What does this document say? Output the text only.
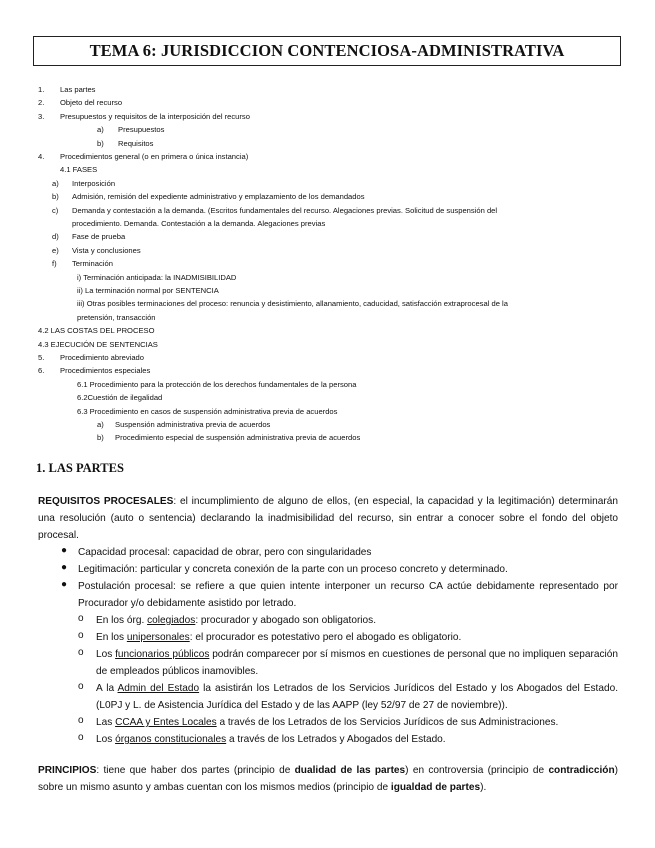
TEMA 6: JURISDICCION CONTENCIOSA-ADMINISTRATIVA
1. Las partes
2. Objeto del recurso
3. Presupuestos y requisitos de la interposición del recurso
a) Presupuestos
b) Requisitos
4. Procedimientos general (o en primera o única instancia)
4.1 FASES
a) Interposición
b) Admisión, remisión del expediente administrativo y emplazamiento de los demandados
c) Demanda y contestación a la demanda. (Escritos fundamentales del recurso. Alegaciones previas. Solicitud de suspensión del
procedimiento. Demanda. Contestación a la demanda. Alegaciones previas
d) Fase de prueba
e) Vista y conclusiones
f) Terminación
i) Terminación anticipada: la INADMISIBILIDAD
ii) La terminación normal por SENTENCIA
iii) Otras posibles terminaciones del proceso: renuncia y desistimiento, allanamiento, caducidad, satisfacción extraprocesal de la
pretensión, transacción
4.2 LAS COSTAS DEL PROCESO
4.3 EJECUCIÓN DE SENTENCIAS
5. Procedimiento abreviado
6. Procedimientos especiales
6.1 Procedimiento para la protección de los derechos fundamentales de la persona
6.2Cuestión de ilegalidad
6.3 Procedimiento en casos de suspensión administrativa previa de acuerdos
a) Suspensión administrativa previa de acuerdos
b) Procedimiento especial de suspensión administrativa previa de acuerdos
1. LAS PARTES
REQUISITOS PROCESALES: el incumplimiento de alguno de ellos, (en especial, la capacidad y la legitimación) determinarán una resolución (auto o sentencia) declarando la inadmisibilidad del recurso, sin entrar a conocer sobre el fondo del objeto procesal.
● Capacidad procesal: capacidad de obrar, pero con singularidades
● Legitimación: particular y concreta conexión de la parte con un proceso concreto y determinado.
● Postulación procesal: se refiere a que quien intente interponer un recurso CA actúe debidamente representado por Procurador y/o debidamente asistido por letrado.
o En los órg. colegiados: procurador y abogado son obligatorios.
o En los unipersonales: el procurador es potestativo pero el abogado es obligatorio.
o Los funcionarios públicos podrán comparecer por sí mismos en cuestiones de personal que no impliquen separación de empleados públicos inamovibles.
o A la Admin del Estado la asistirán los Letrados de los Servicios Jurídicos del Estado y los Abogados del Estado. (L0PJ y L. de Asistencia Jurídica del Estado y de las AAPP (ley 52/97 de 27 de noviembre)).
o Las CCAA y Entes Locales a través de los Letrados de los Servicios Jurídicos de sus Administraciones.
o Los órganos constitucionales a través de los Letrados y Abogados del Estado.
PRINCIPIOS: tiene que haber dos partes (principio de dualidad de las partes) en controversia (principio de contradicción) sobre un mismo asunto y ambas cuentan con los mismos medios (principio de igualdad de partes).
